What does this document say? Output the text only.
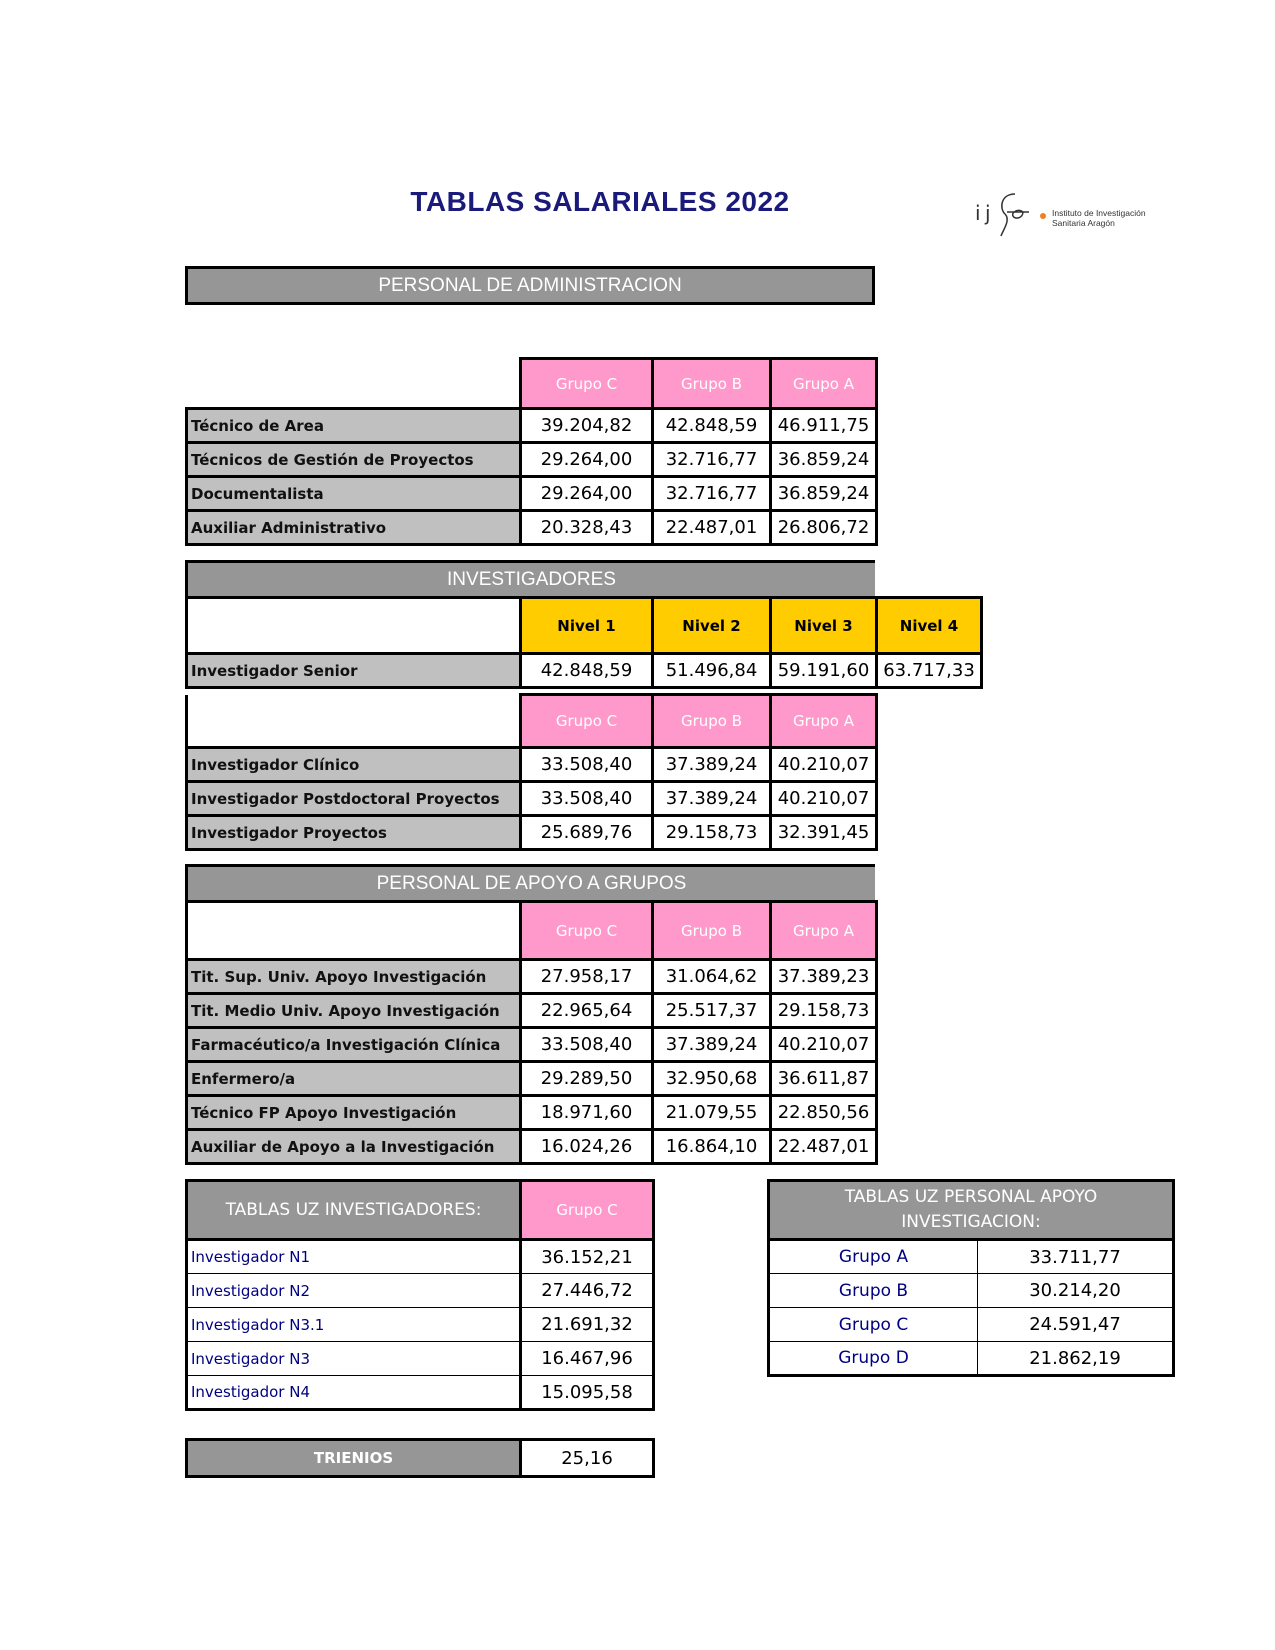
TABLAS SALARIALES 2022	i j	Instituto de Investigación
Sanitaria Aragón
PERSONAL DE ADMINISTRACION
	Grupo C	Grupo B	Grupo A
Técnico de Area	39.204,82	42.848,59	46.911,75
Técnicos de Gestión de Proyectos	29.264,00	32.716,77	36.859,24
Documentalista	29.264,00	32.716,77	36.859,24
Auxiliar Administrativo	20.328,43	22.487,01	26.806,72
INVESTIGADORES
	Nivel 1	Nivel 2	Nivel 3	Nivel 4
Investigador Senior	42.848,59	51.496,84	59.191,60	63.717,33
	Grupo C	Grupo B	Grupo A
Investigador Clínico	33.508,40	37.389,24	40.210,07
Investigador Postdoctoral Proyectos	33.508,40	37.389,24	40.210,07
Investigador Proyectos	25.689,76	29.158,73	32.391,45
PERSONAL DE APOYO A GRUPOS
	Grupo C	Grupo B	Grupo A
Tit. Sup. Univ. Apoyo Investigación	27.958,17	31.064,62	37.389,23
Tit. Medio Univ. Apoyo Investigación	22.965,64	25.517,37	29.158,73
Farmacéutico/a Investigación Clínica	33.508,40	37.389,24	40.210,07
Enfermero/a	29.289,50	32.950,68	36.611,87
Técnico FP Apoyo Investigación	18.971,60	21.079,55	22.850,56
Auxiliar de Apoyo a la Investigación	16.024,26	16.864,10	22.487,01
TABLAS UZ INVESTIGADORES:	Grupo C
Investigador N1	36.152,21
Investigador N2	27.446,72
Investigador N3.1	21.691,32
Investigador N3	16.467,96
Investigador N4	15.095,58
TABLAS UZ PERSONAL APOYO
INVESTIGACION:	

Grupo A	33.711,77
Grupo B	30.214,20
Grupo C	24.591,47
Grupo D	21.862,19
TRIENIOS	25,16
